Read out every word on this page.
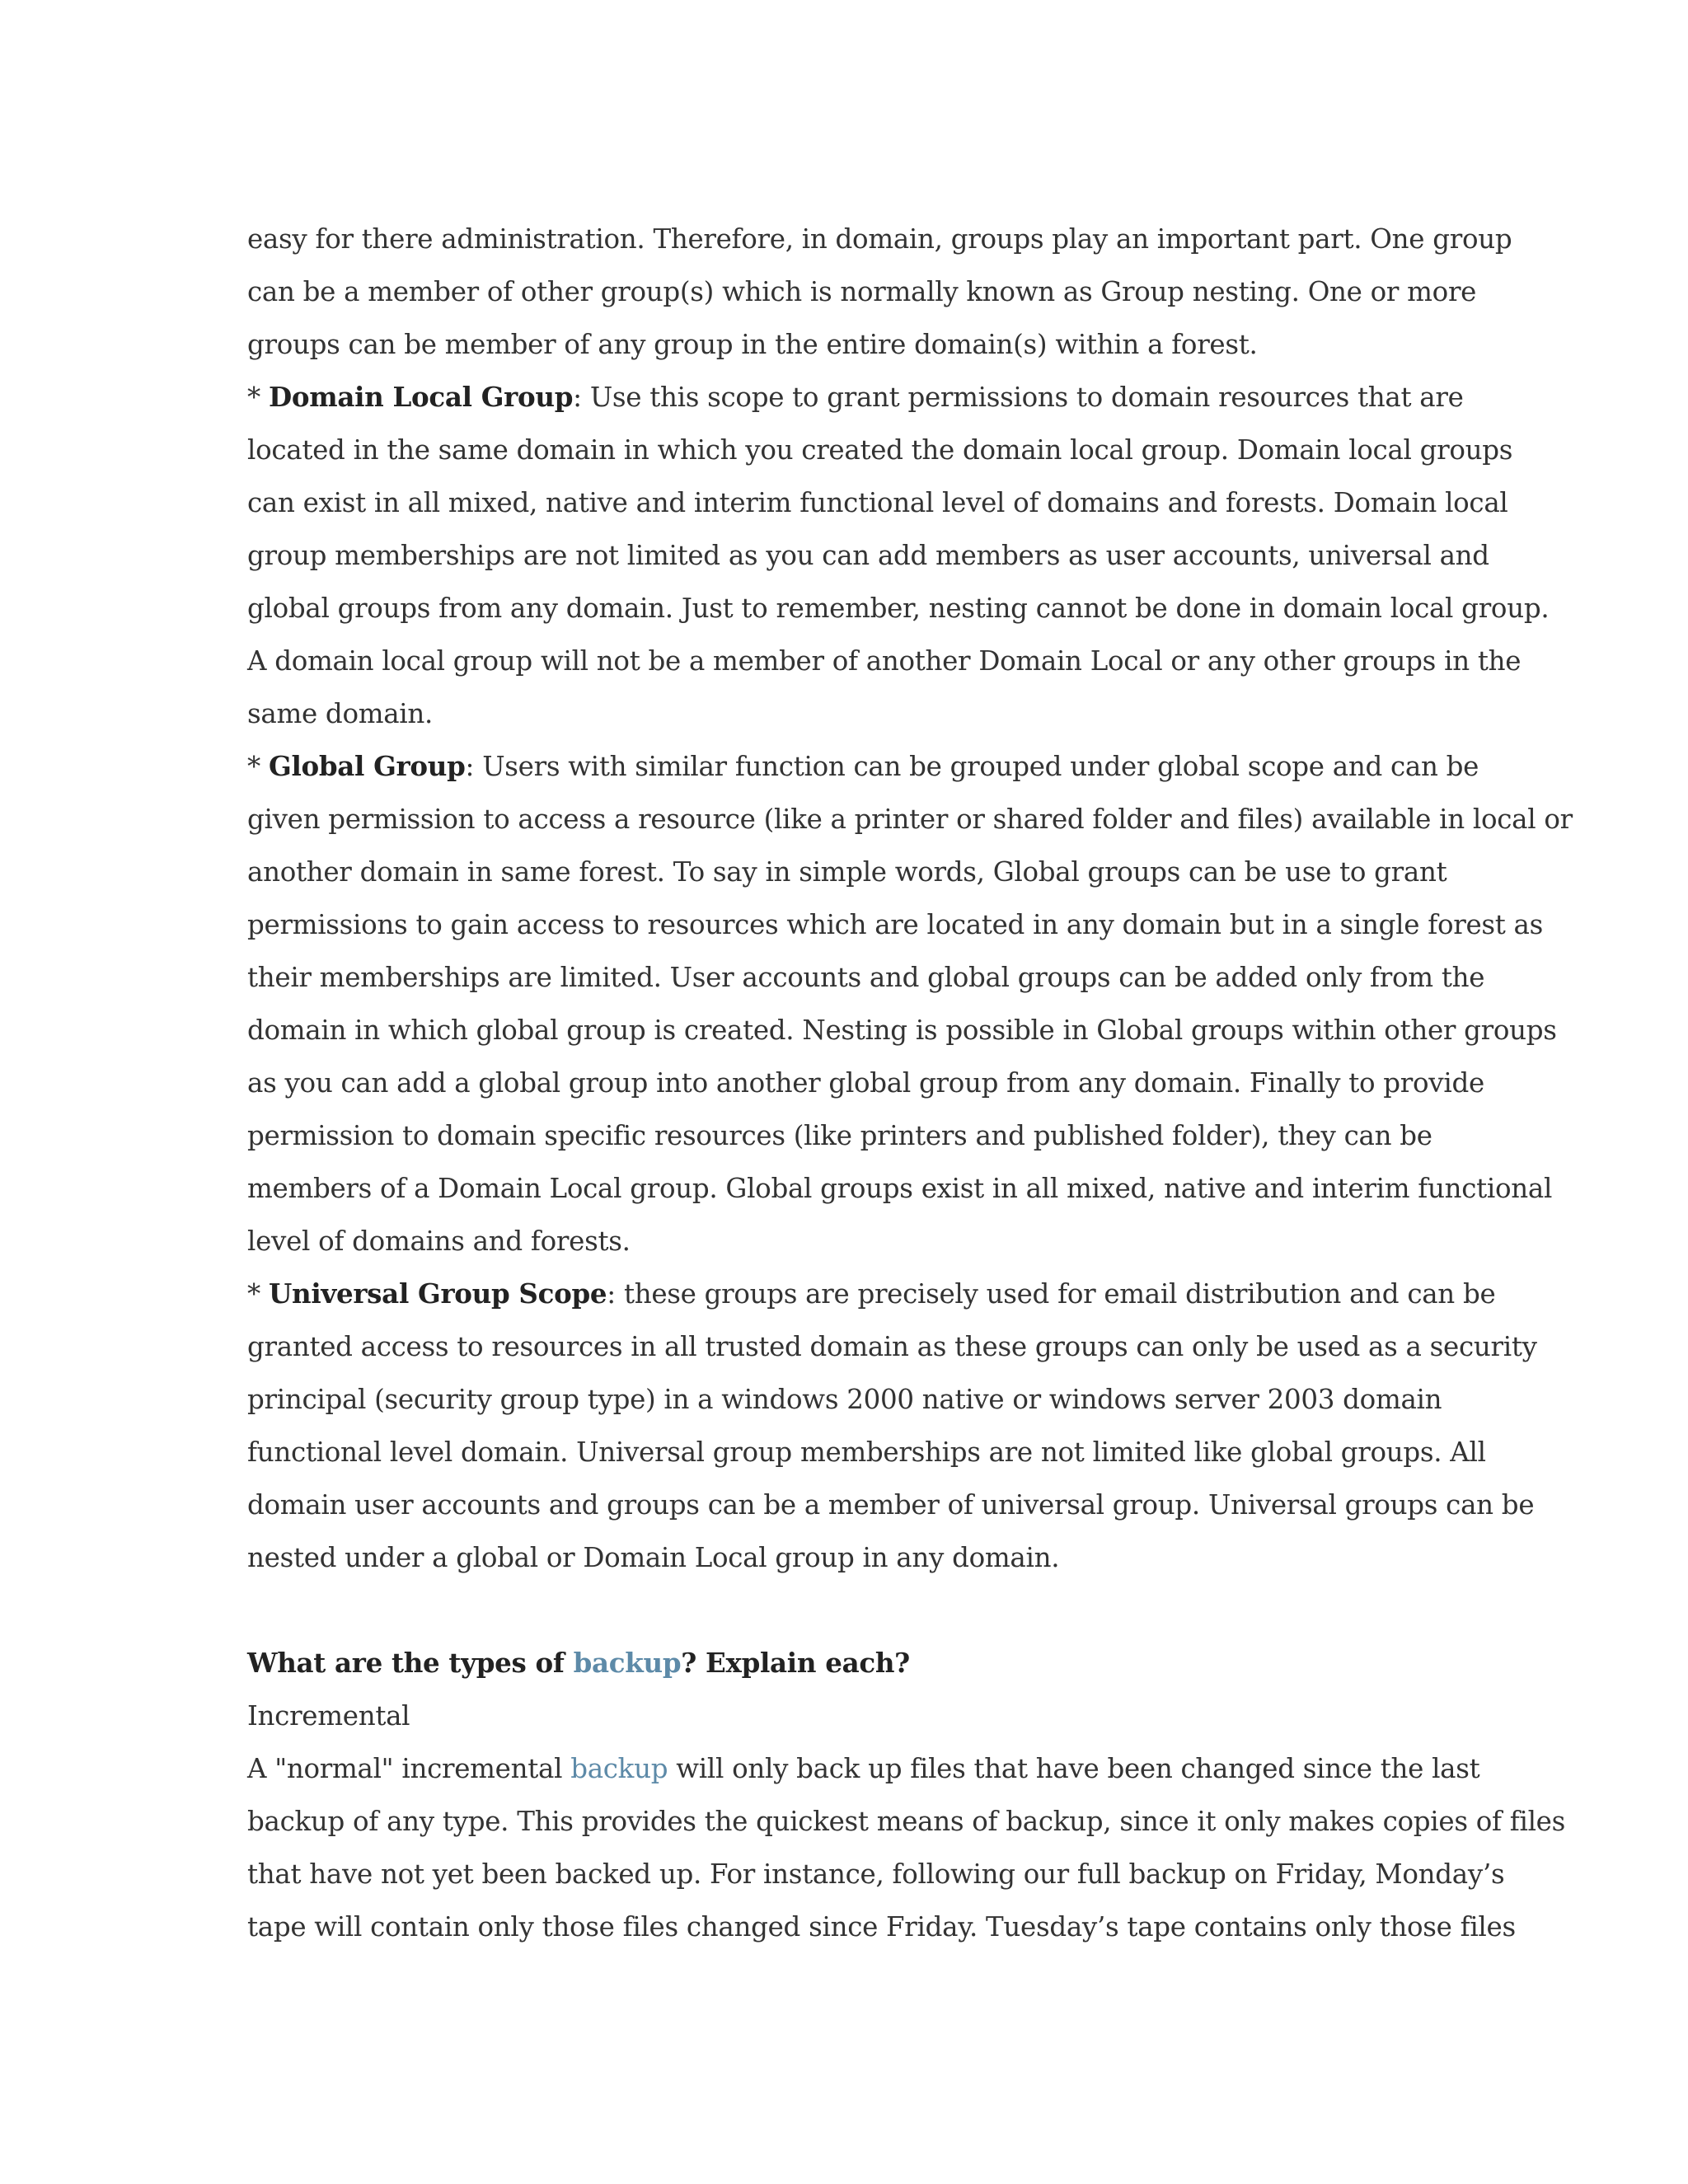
easy for there administration. Therefore, in domain, groups play an important part. One group
can be a member of other group(s) which is normally known as Group nesting. One or more
groups can be member of any group in the entire domain(s) within a forest.
* Domain Local Group: Use this scope to grant permissions to domain resources that are
located in the same domain in which you created the domain local group. Domain local groups
can exist in all mixed, native and interim functional level of domains and forests. Domain local
group memberships are not limited as you can add members as user accounts, universal and
global groups from any domain. Just to remember, nesting cannot be done in domain local group.
A domain local group will not be a member of another Domain Local or any other groups in the
same domain.
* Global Group: Users with similar function can be grouped under global scope and can be
given permission to access a resource (like a printer or shared folder and files) available in local or
another domain in same forest. To say in simple words, Global groups can be use to grant
permissions to gain access to resources which are located in any domain but in a single forest as
their memberships are limited. User accounts and global groups can be added only from the
domain in which global group is created. Nesting is possible in Global groups within other groups
as you can add a global group into another global group from any domain. Finally to provide
permission to domain specific resources (like printers and published folder), they can be
members of a Domain Local group. Global groups exist in all mixed, native and interim functional
level of domains and forests.
* Universal Group Scope: these groups are precisely used for email distribution and can be
granted access to resources in all trusted domain as these groups can only be used as a security
principal (security group type) in a windows 2000 native or windows server 2003 domain
functional level domain. Universal group memberships are not limited like global groups. All
domain user accounts and groups can be a member of universal group. Universal groups can be
nested under a global or Domain Local group in any domain.
What are the types of backup? Explain each?
Incremental
A "normal" incremental backup will only back up files that have been changed since the last
backup of any type. This provides the quickest means of backup, since it only makes copies of files
that have not yet been backed up. For instance, following our full backup on Friday, Monday’s
tape will contain only those files changed since Friday. Tuesday’s tape contains only those files
